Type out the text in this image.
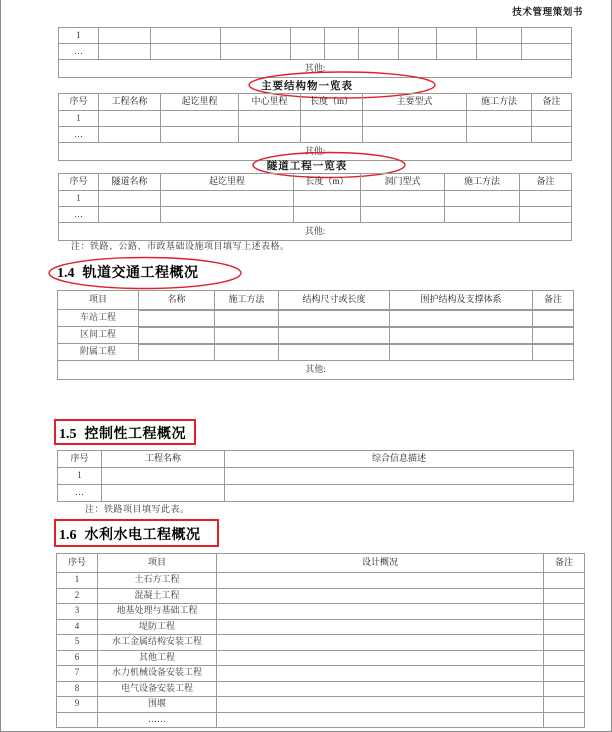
技术管理策划书
1										
…										
其他:										
主要结构物一览表
序号	工程名称	起讫里程	中心里程	长度（m）	主要型式	施工方法	备注
1							
…							
其他:							
隧道工程一览表
序号	隧道名称	起讫里程	长度（m）	洞门型式	施工方法	备注
1						
…						
其他:						
注：铁路、公路、市政基础设施项目填写上述表格。
1.4 轨道交通工程概况
项目	名称	施工方法	结构尺寸或长度	围护结构及支撑体系	备注
车站工程					

区间工程					

附属工程					

其他:					
1.5 控制性工程概况
序号	工程名称	综合信息描述
1		
…		
注：铁路项目填写此表。
1.6 水利水电工程概况
序号	项目	设计概况	备注
1	土石方工程		
2	混凝土工程		
3	地基处理与基础工程		
4	堤防工程		
5	水工金属结构安装工程		
6	其他工程		
7	水力机械设备安装工程		
8	电气设备安装工程		
9	围堰		
	……		
